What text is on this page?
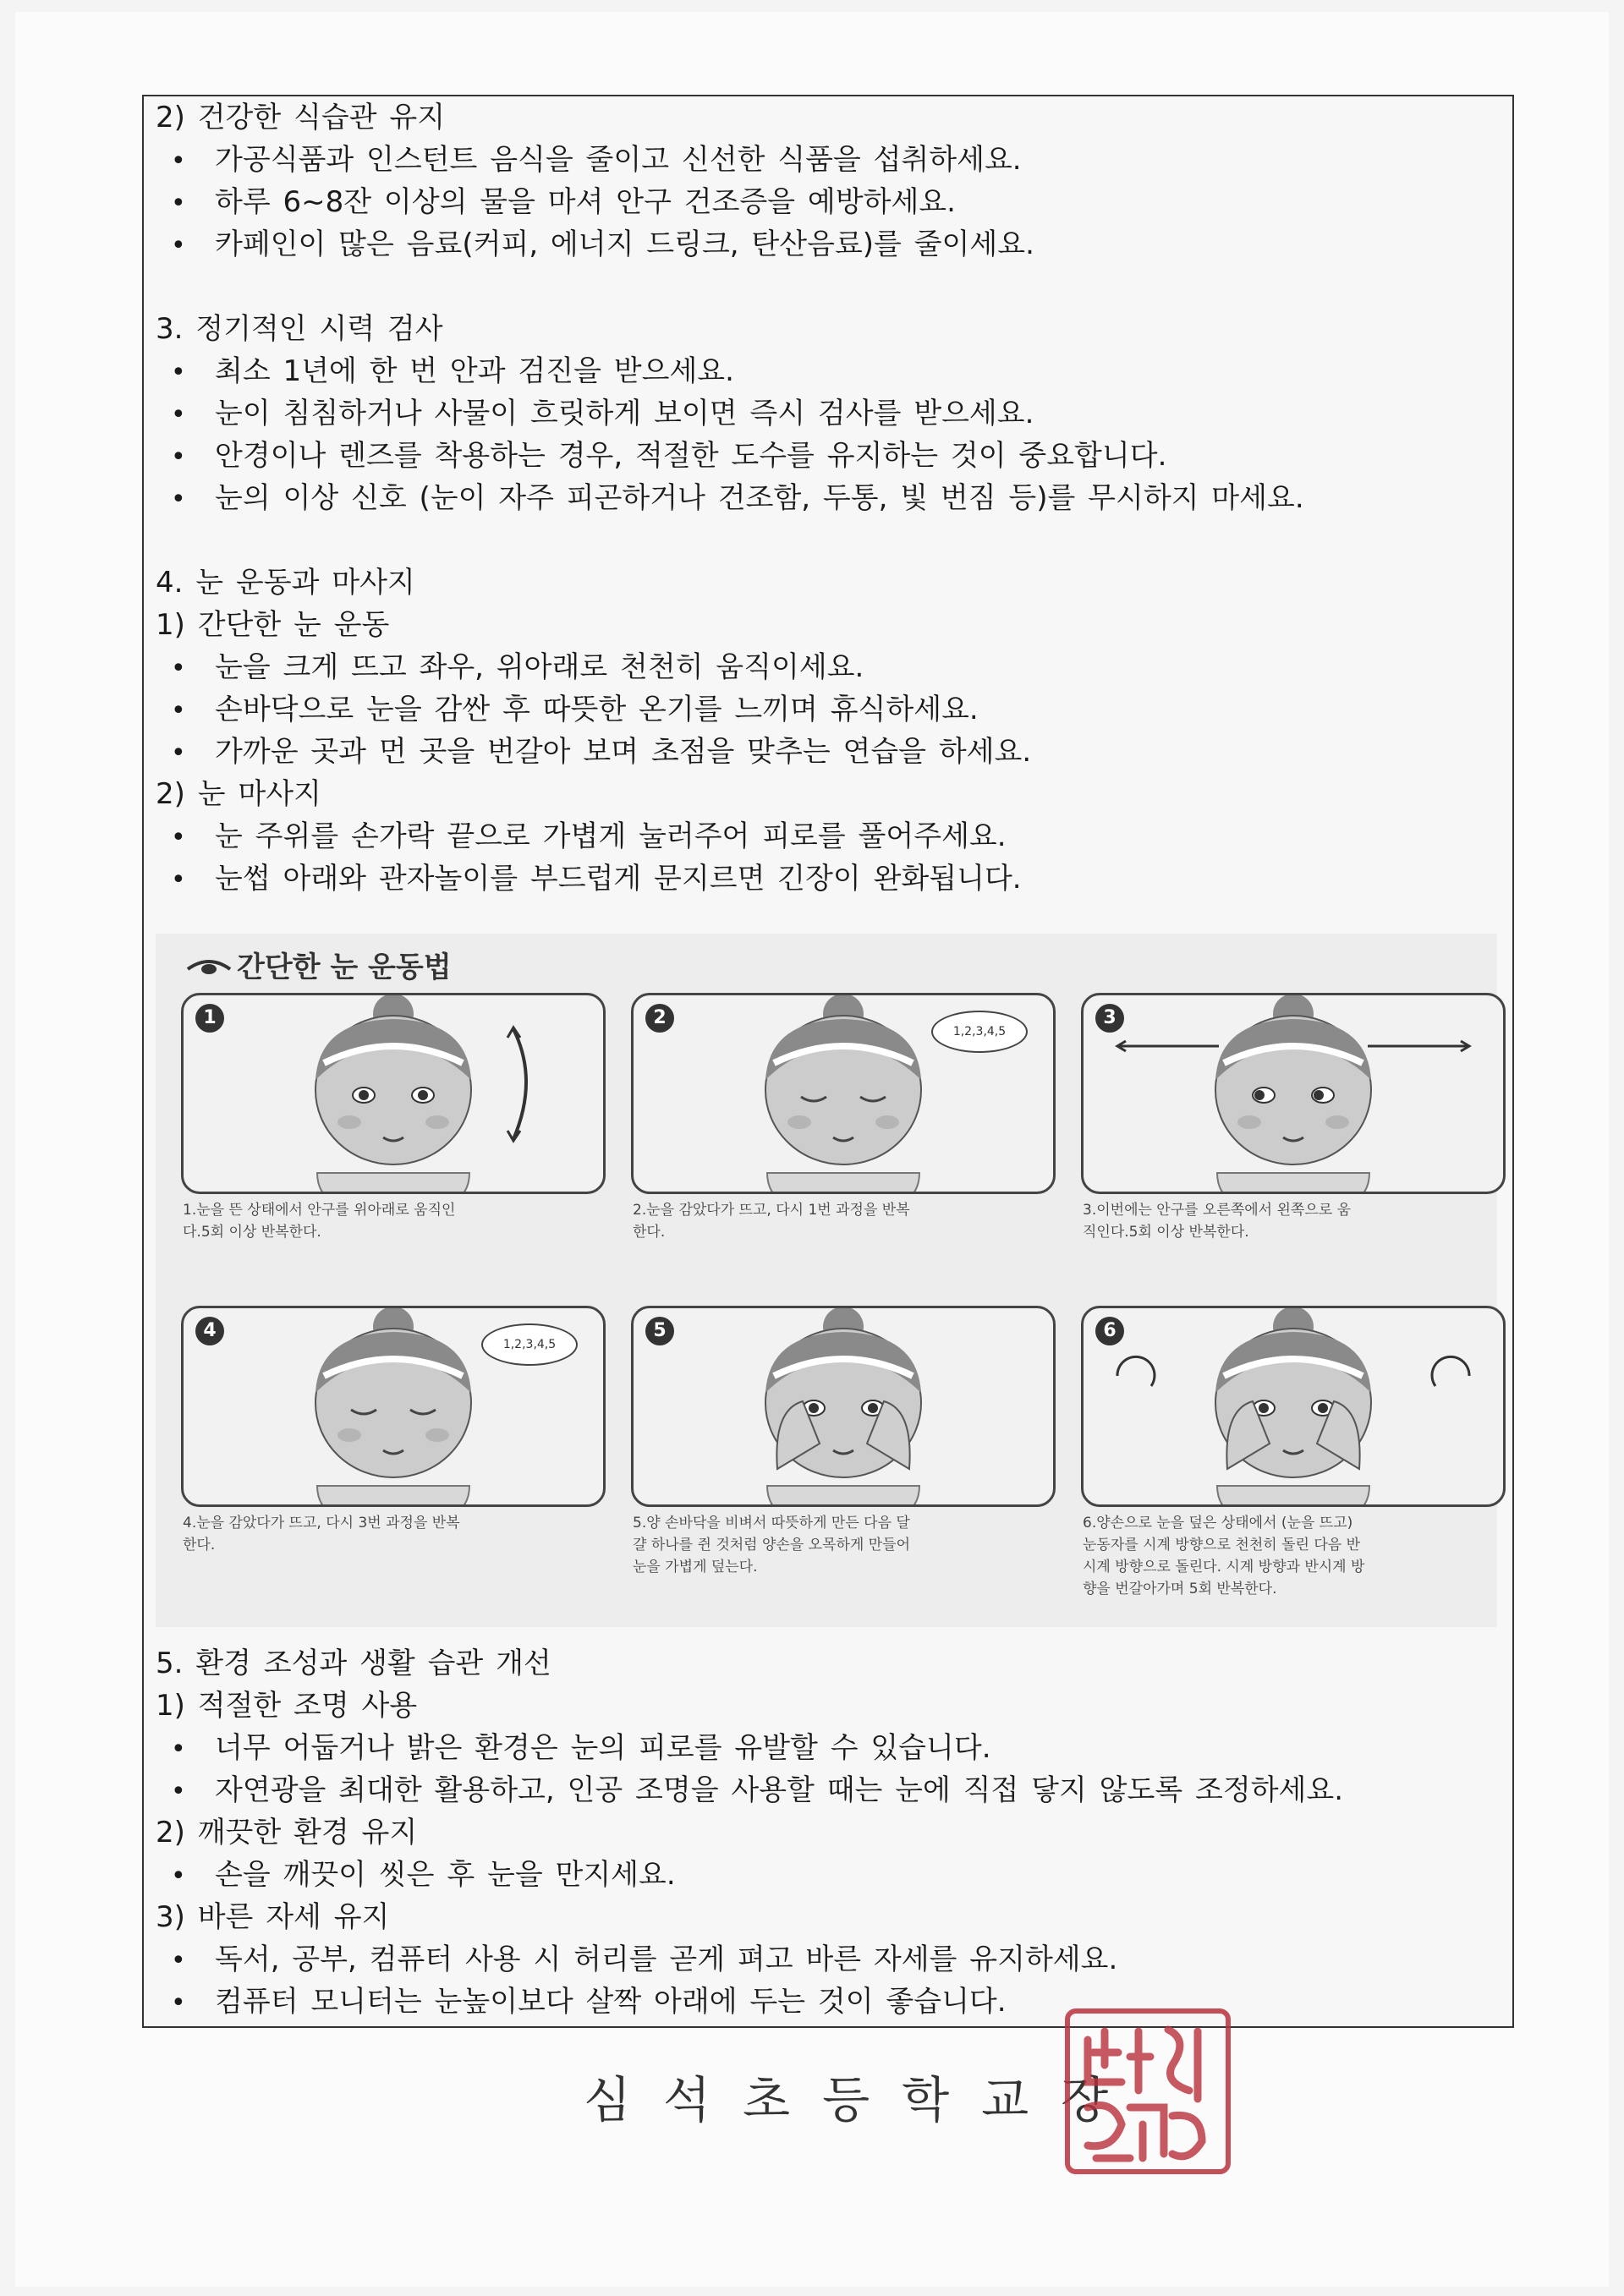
2) 건강한 식습관 유지
• 가공식품과 인스턴트 음식을 줄이고 신선한 식품을 섭취하세요.
• 하루 6~8잔 이상의 물을 마셔 안구 건조증을 예방하세요.
• 카페인이 많은 음료(커피, 에너지 드링크, 탄산음료)를 줄이세요.
3. 정기적인 시력 검사
• 최소 1년에 한 번 안과 검진을 받으세요.
• 눈이 침침하거나 사물이 흐릿하게 보이면 즉시 검사를 받으세요.
• 안경이나 렌즈를 착용하는 경우, 적절한 도수를 유지하는 것이 중요합니다.
• 눈의 이상 신호 (눈이 자주 피곤하거나 건조함, 두통, 빛 번짐 등)를 무시하지 마세요.
4. 눈 운동과 마사지
1) 간단한 눈 운동
• 눈을 크게 뜨고 좌우, 위아래로 천천히 움직이세요.
• 손바닥으로 눈을 감싼 후 따뜻한 온기를 느끼며 휴식하세요.
• 가까운 곳과 먼 곳을 번갈아 보며 초점을 맞추는 연습을 하세요.
2) 눈 마사지
• 눈 주위를 손가락 끝으로 가볍게 눌러주어 피로를 풀어주세요.
• 눈썹 아래와 관자놀이를 부드럽게 문지르면 긴장이 완화됩니다.
간단한 눈 운동법
1
1.눈을 뜬 상태에서 안구를 위아래로 움직인
다.5회 이상 반복한다.
2
1,2,3,4,5
2.눈을 감았다가 뜨고, 다시 1번 과정을 반복
한다.
3
3.이번에는 안구를 오른쪽에서 왼쪽으로 움
직인다.5회 이상 반복한다.
4
1,2,3,4,5
4.눈을 감았다가 뜨고, 다시 3번 과정을 반복
한다.
5
5.양 손바닥을 비벼서 따뜻하게 만든 다음 달
걀 하나를 쥔 것처럼 양손을 오목하게 만들어
눈을 가볍게 덮는다.
6
6.양손으로 눈을 덮은 상태에서 (눈을 뜨고)
눈동자를 시계 방향으로 천천히 돌린 다음 반
시계 방향으로 돌린다. 시계 방향과 반시계 방
향을 번갈아가며 5회 반복한다.
5. 환경 조성과 생활 습관 개선
1) 적절한 조명 사용
• 너무 어둡거나 밝은 환경은 눈의 피로를 유발할 수 있습니다.
• 자연광을 최대한 활용하고, 인공 조명을 사용할 때는 눈에 직접 닿지 않도록 조정하세요.
2) 깨끗한 환경 유지
• 손을 깨끗이 씻은 후 눈을 만지세요.
3) 바른 자세 유지
• 독서, 공부, 컴퓨터 사용 시 허리를 곧게 펴고 바른 자세를 유지하세요.
• 컴퓨터 모니터는 눈높이보다 살짝 아래에 두는 것이 좋습니다.
심석초등학교장
